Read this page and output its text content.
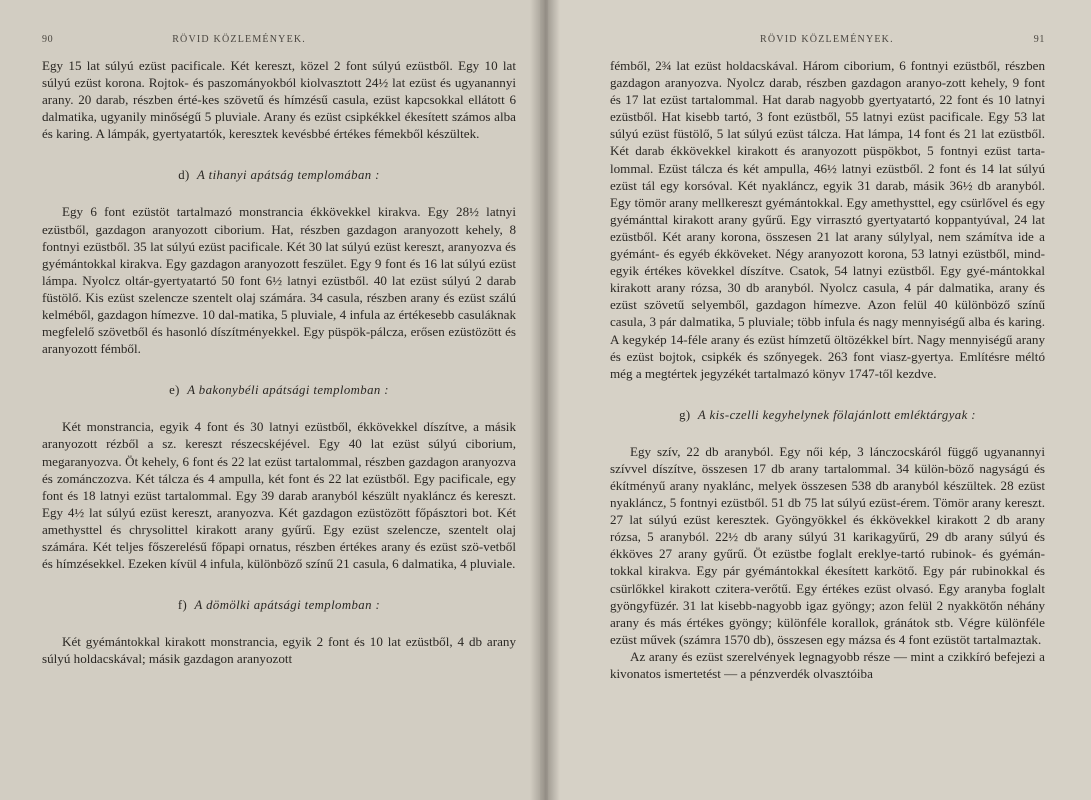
90	RÖVID KÖZLEMÉNYEK.

Egy 15 lat súlyú ezüst pacificale. Két kereszt, közel 2 font súlyú ezüstből. Egy 10 lat súlyú ezüst korona. Rojtok- és paszományokból kiolvasztott 24½ lat ezüst és ugyanannyi arany. 20 darab, részben érté-kes szövetű és hímzésű casula, ezüst kapcsokkal ellátott 6 dalmatika, ugyanily minőségű 5 pluviale. Arany és ezüst csipkékkel ékesített számos alba és karing. A lámpák, gyertyatartók, keresztek kevésbbé értékes fémekből készültek.

d) A tihanyi apátság templomában :

Egy 6 font ezüstöt tartalmazó monstrancia ékkövekkel kirakva. Egy 28½ latnyi ezüstből, gazdagon aranyozott ciborium. Hat, részben gazdagon aranyozott kehely, 8 fontnyi ezüstből. 35 lat súlyú ezüst pacificale. Két 30 lat súlyú ezüst kereszt, aranyozva és gyémántokkal kirakva. Egy gazdagon aranyozott feszület. Egy 9 font és 16 lat súlyú ezüst lámpa. Nyolcz oltár-gyertyatartó 50 font 6½ latnyi ezüstből. 40 lat ezüst súlyú 2 darab füstölő. Kis ezüst szelencze szentelt olaj számára. 34 casula, részben arany és ezüst szálú kelméből, gazdagon hímezve. 10 dal-matika, 5 pluviale, 4 infula az értékesebb casuláknak megfelelő szövetből és hasonló díszítményekkel. Egy püspök-pálcza, erősen ezüstözött és aranyozott fémből.

e) A bakonybéli apátsági templomban :

Két monstrancia, egyik 4 font és 30 latnyi ezüstből, ékkövekkel díszítve, a másik aranyozott rézből a sz. kereszt részecskéjével. Egy 40 lat ezüst súlyú ciborium, megaranyozva. Öt kehely, 6 font és 22 lat ezüst tartalommal, részben gazdagon aranyozva és zománczozva. Két tálcza és 4 ampulla, két font és 22 lat ezüstből. Egy pacificale, egy font és 18 latnyi ezüst tartalommal. Egy 39 darab aranyból készült nyakláncz és kereszt. Egy 4½ lat súlyú ezüst kereszt, aranyozva. Két gazdagon ezüstözött főpásztori bot. Két amethysttel és chrysolittel kirakott arany gyűrű. Egy ezüst szelencze, szentelt olaj számára. Két teljes főszerelésű főpapi ornatus, részben értékes arany és ezüst szö-vetből és hímzésekkel. Ezeken kívül 4 infula, különböző színű 21 casula, 6 dalmatika, 4 pluviale.

f) A dömölki apátsági templomban :

Két gyémántokkal kirakott monstrancia, egyik 2 font és 10 lat ezüstből, 4 db arany súlyú holdacskával; másik gazdagon aranyozott

RÖVID KÖZLEMÉNYEK.	91

fémből, 2¾ lat ezüst holdacskával. Három ciborium, 6 fontnyi ezüstből, részben gazdagon aranyozva. Nyolcz darab, részben gazdagon aranyo-zott kehely, 9 font és 17 lat ezüst tartalommal. Hat darab nagyobb gyertyatartó, 22 font és 10 latnyi ezüstből. Hat kisebb tartó, 3 font ezüstből, 55 latnyi ezüst pacificale. Egy 53 lat súlyú ezüst füstölő, 5 lat súlyú ezüst tálcza. Hat lámpa, 14 font és 21 lat ezüstből. Két darab ékkövekkel kirakott és aranyozott püspökbot, 5 fontnyi ezüst tarta-lommal. Ezüst tálcza és két ampulla, 46½ latnyi ezüstből. 2 font és 14 lat súlyú ezüst tál egy korsóval. Két nyakláncz, egyik 31 darab, másik 36½ db aranyból. Egy tömör arany mellkereszt gyémántokkal. Egy amethysttel, egy csürlővel és egy gyémánttal kirakott arany gyűrű. Egy virrasztó gyertyatartó koppantyúval, 24 lat ezüstből. Két arany korona, összesen 21 lat arany súlylyal, nem számítva ide a gyémánt- és egyéb ékköveket. Négy aranyozott korona, 53 latnyi ezüstből, mind-egyik értékes kövekkel díszítve. Csatok, 54 latnyi ezüstből. Egy gyé-mántokkal kirakott arany rózsa, 30 db aranyból. Nyolcz casula, 4 pár dalmatika, arany és ezüst szövetű selyemből, gazdagon hímezve. Azon felül 40 különböző színű casula, 3 pár dalmatika, 5 pluviale; több infula és nagy mennyiségű alba és karing. A kegykép 14-féle arany és ezüst hímzetű öltözékkel bírt. Nagy mennyiségű arany és ezüst bojtok, csipkék és szőnyegek. 263 font viasz-gyertya. Említésre méltó még a megtértek jegyzékét tartalmazó könyv 1747-től kezdve.

g) A kis-czelli kegyhelynek fölajánlott emléktárgyak :

Egy szív, 22 db aranyból. Egy női kép, 3 lánczocskáról függő ugyanannyi szívvel díszítve, összesen 17 db arany tartalommal. 34 külön-böző nagyságú és ékítményű arany nyaklánc, melyek összesen 538 db aranyból készültek. 28 ezüst nyakláncz, 5 fontnyi ezüstből. 51 db 75 lat súlyú ezüst-érem. Tömör arany kereszt. 27 lat súlyú ezüst keresztek. Gyöngyökkel és ékkövekkel kirakott 2 db arany rózsa, 5 aranyból. 22½ db arany súlyú 31 karikagyűrű, 29 db arany súlyú és ékköves 27 arany gyűrű. Öt ezüstbe foglalt ereklye-tartó rubinok- és gyémán-tokkal kirakva. Egy pár gyémántokkal ékesített karkötő. Egy pár rubinokkal és csürlőkkel kirakott czitera-verőtű. Egy értékes ezüst olvasó. Egy aranyba foglalt gyöngyfüzér. 31 lat kisebb-nagyobb igaz gyöngy; azon felül 2 nyakkötőn néhány arany és más értékes gyöngy; különféle korallok, gránátok stb. Végre különféle ezüst művek (számra 1570 db), összesen egy mázsa és 4 font ezüstöt tartalmaztak.

Az arany és ezüst szerelvények legnagyobb része — mint a czikkíró befejezi a kivonatos ismertetést — a pénzverdék olvasztóiba
